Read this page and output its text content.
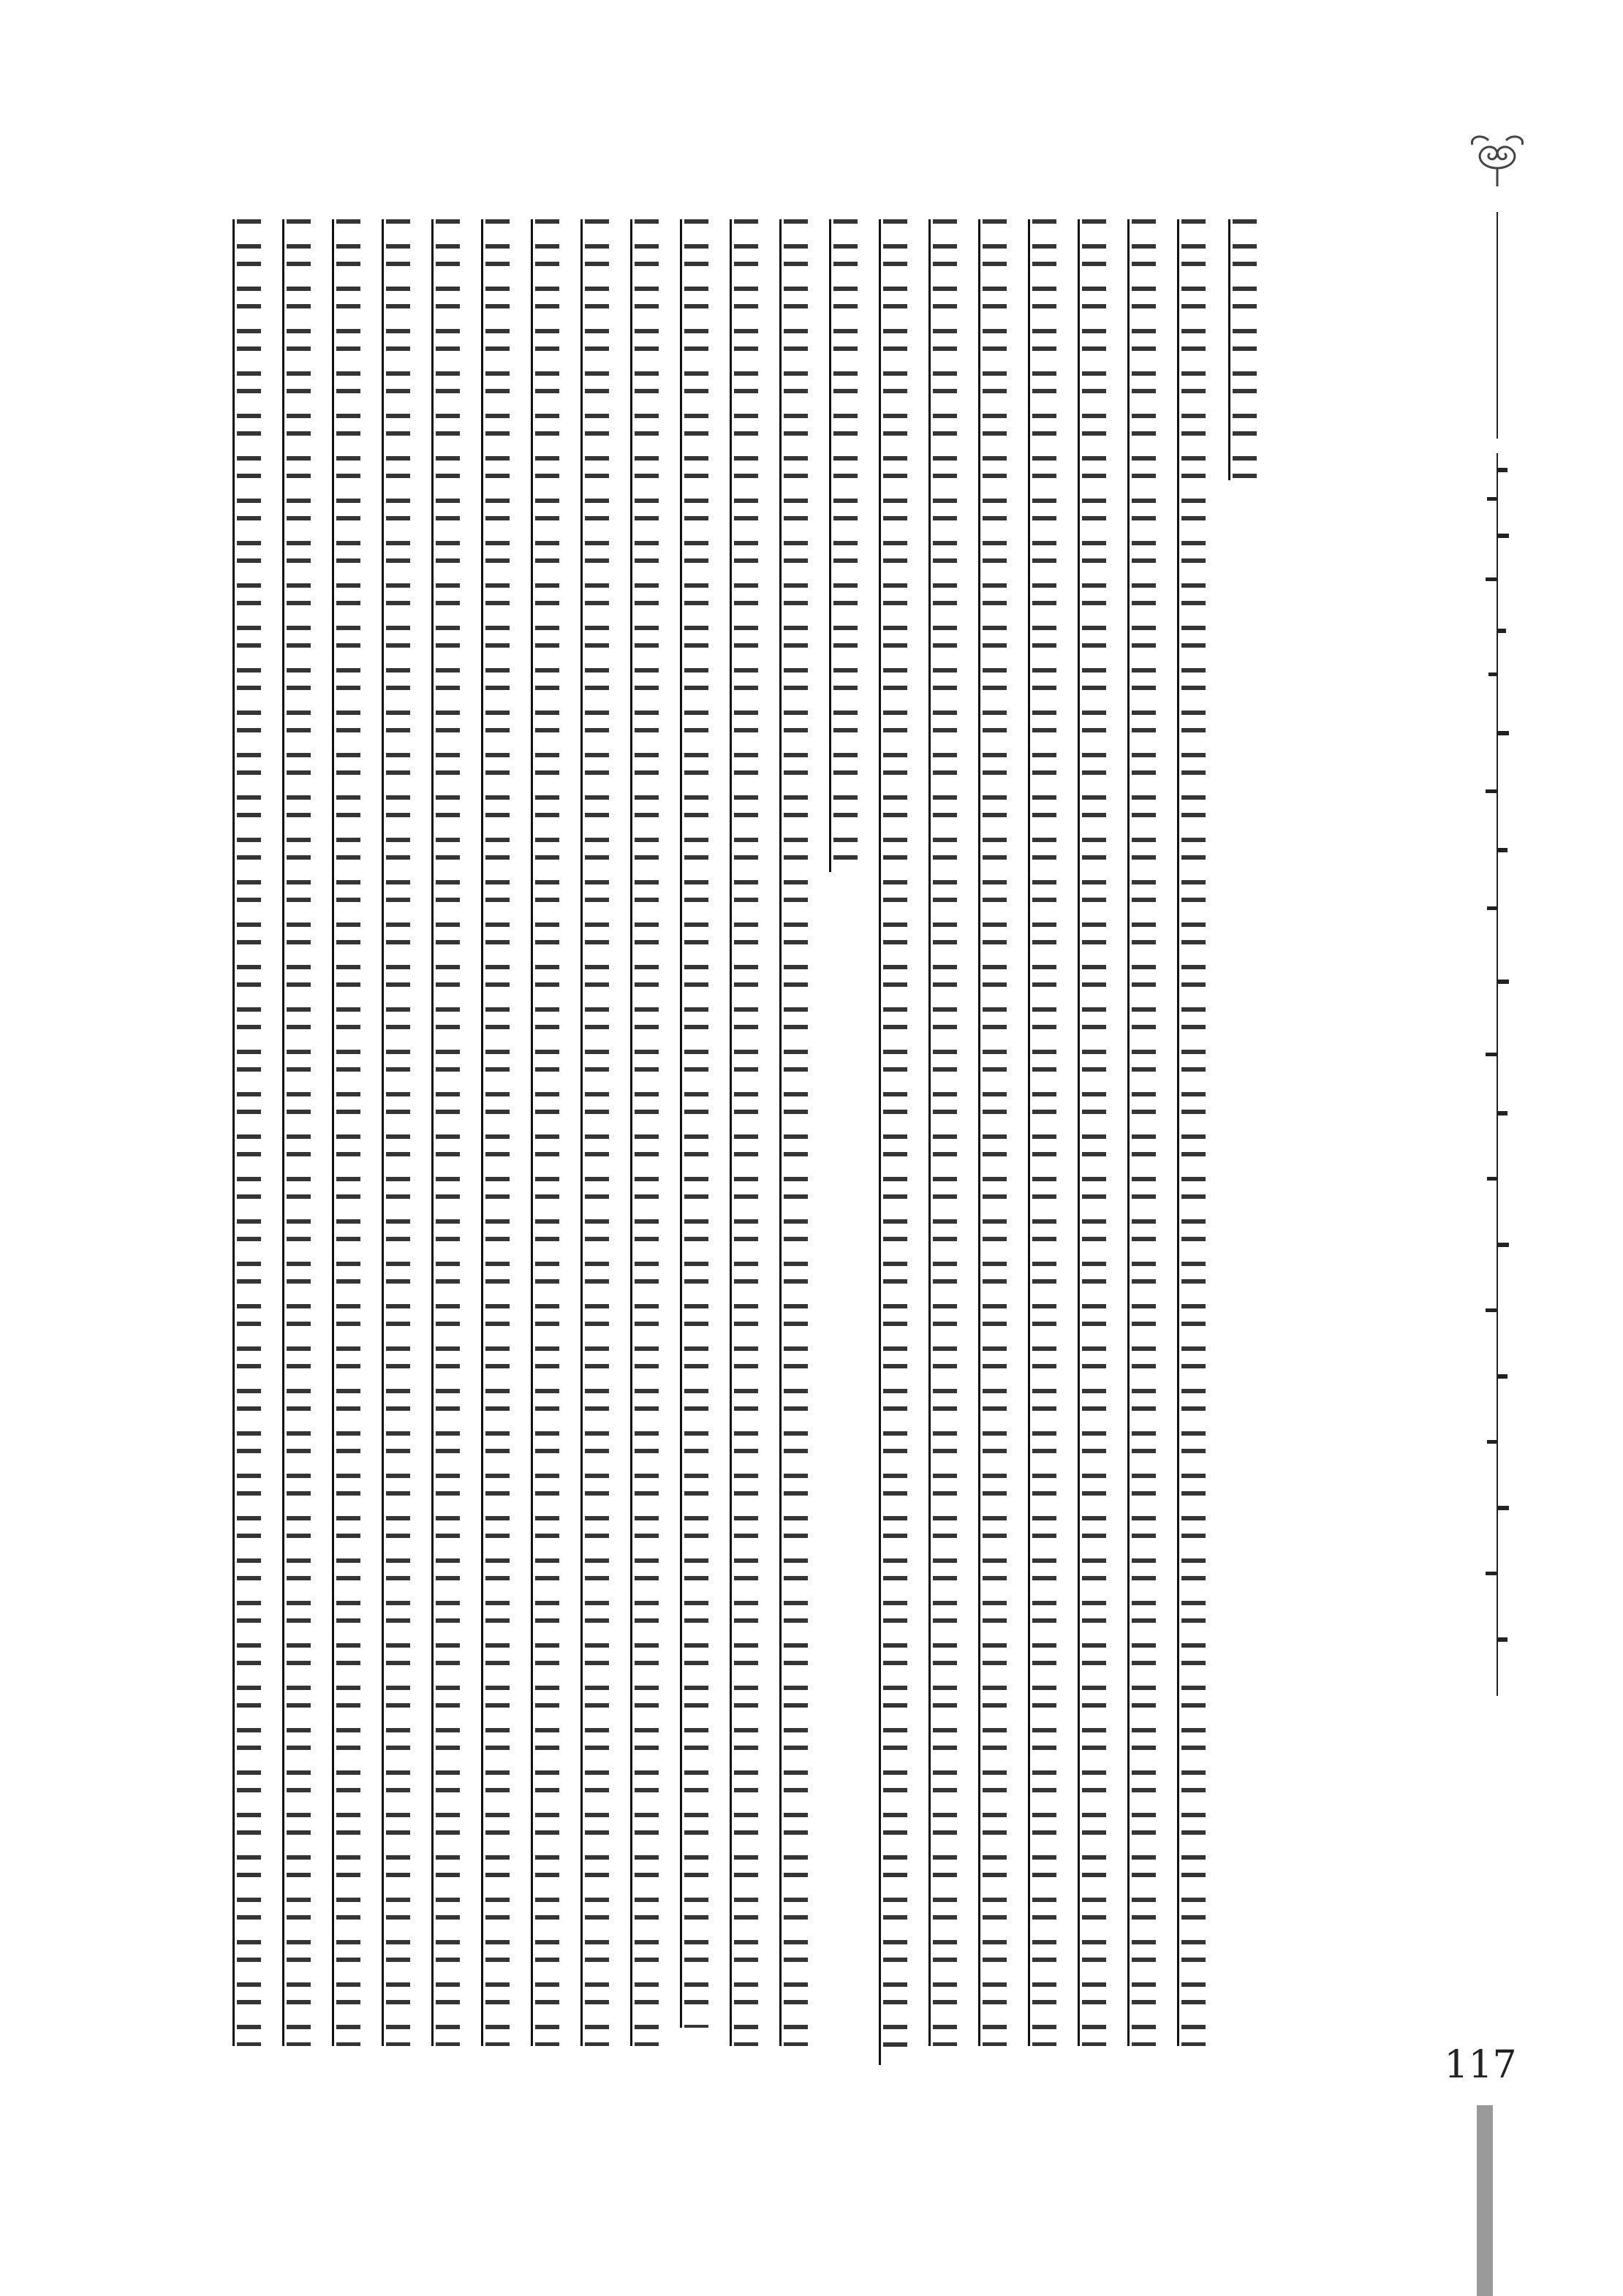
117
